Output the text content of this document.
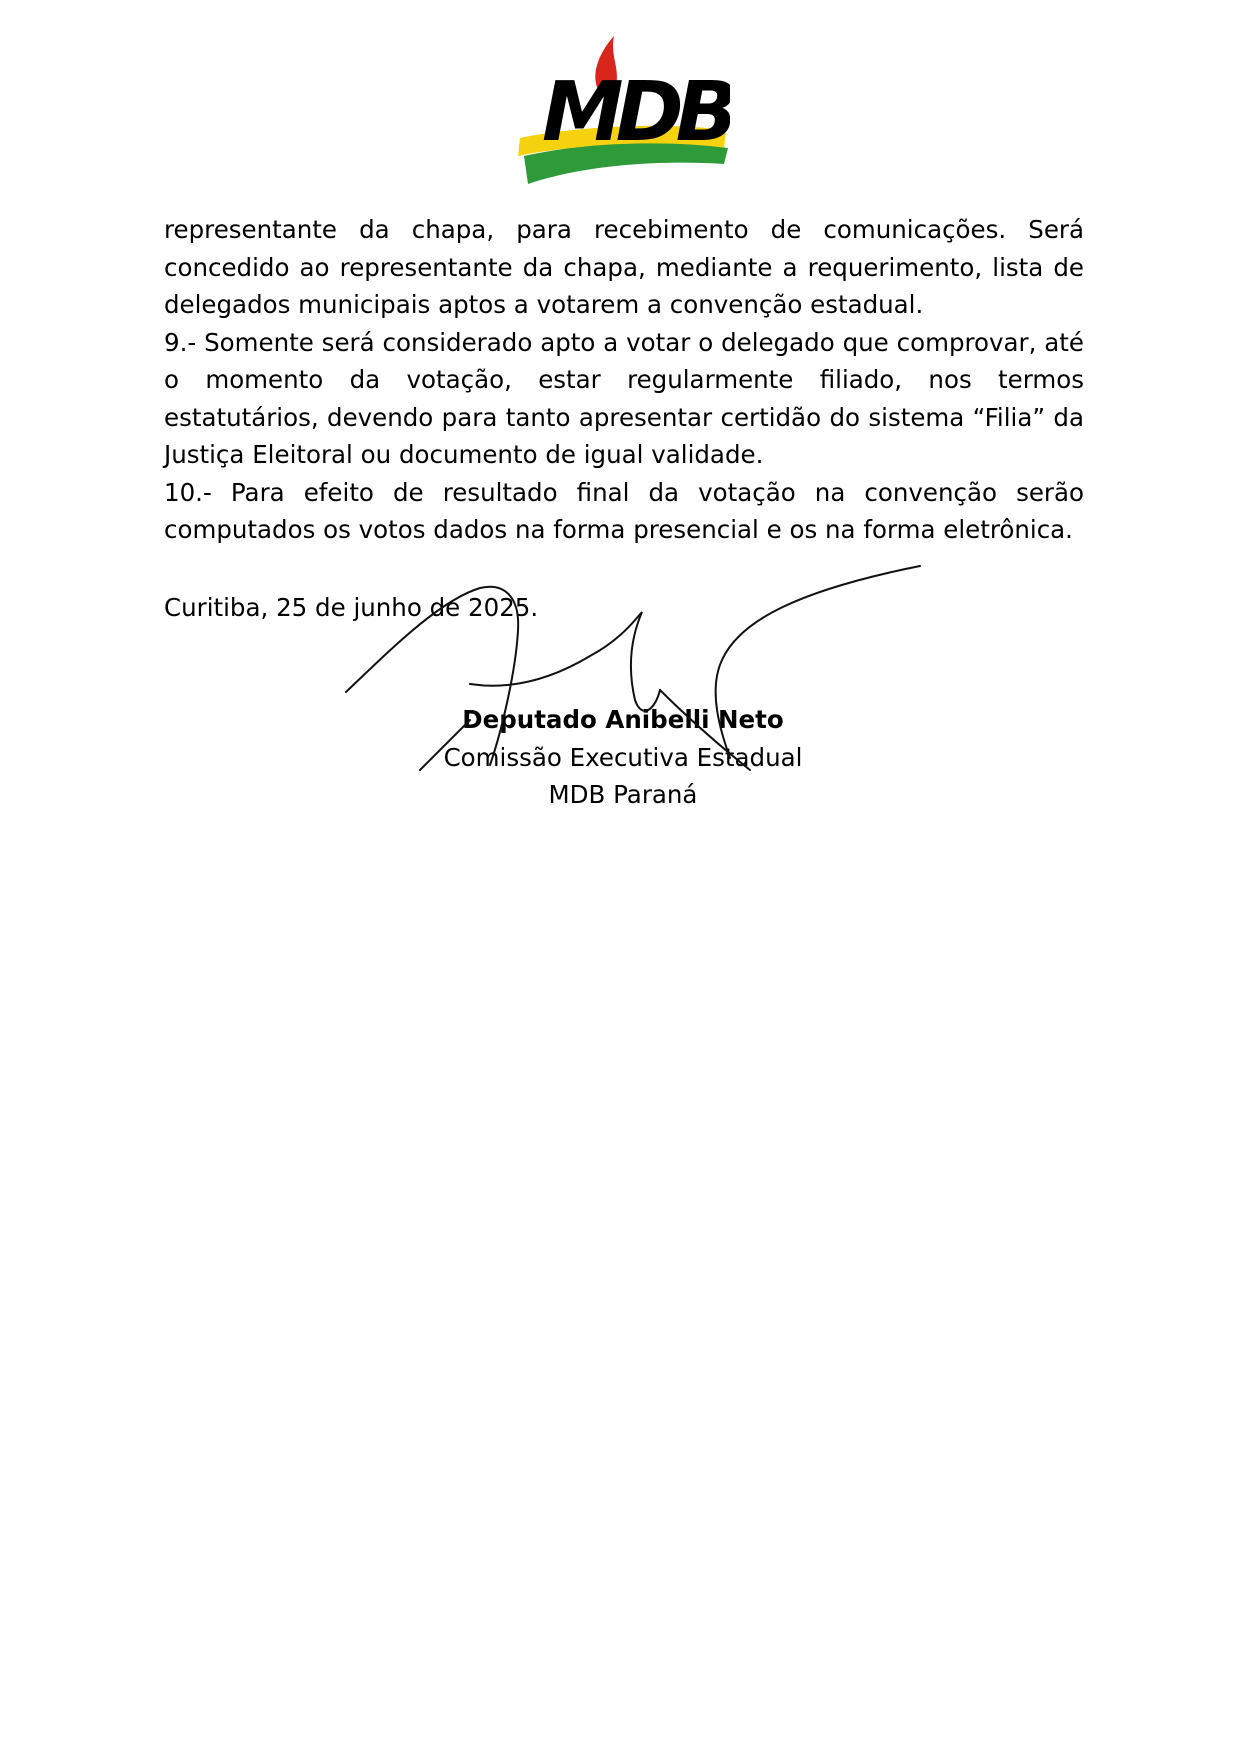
MDB

representante da chapa, para recebimento de comunicações. Será concedido ao representante da chapa, mediante a requerimento, lista de delegados municipais aptos a votarem a convenção estadual.

9.- Somente será considerado apto a votar o delegado que comprovar, até o momento da votação, estar regularmente filiado, nos termos estatutários, devendo para tanto apresentar certidão do sistema “Filia” da Justiça Eleitoral ou documento de igual validade.

10.- Para efeito de resultado final da votação na convenção serão computados os votos dados na forma presencial e os na forma eletrônica.

Curitiba, 25 de junho de 2025.
Deputado Anibelli Neto
Comissão Executiva Estadual
MDB Paraná
